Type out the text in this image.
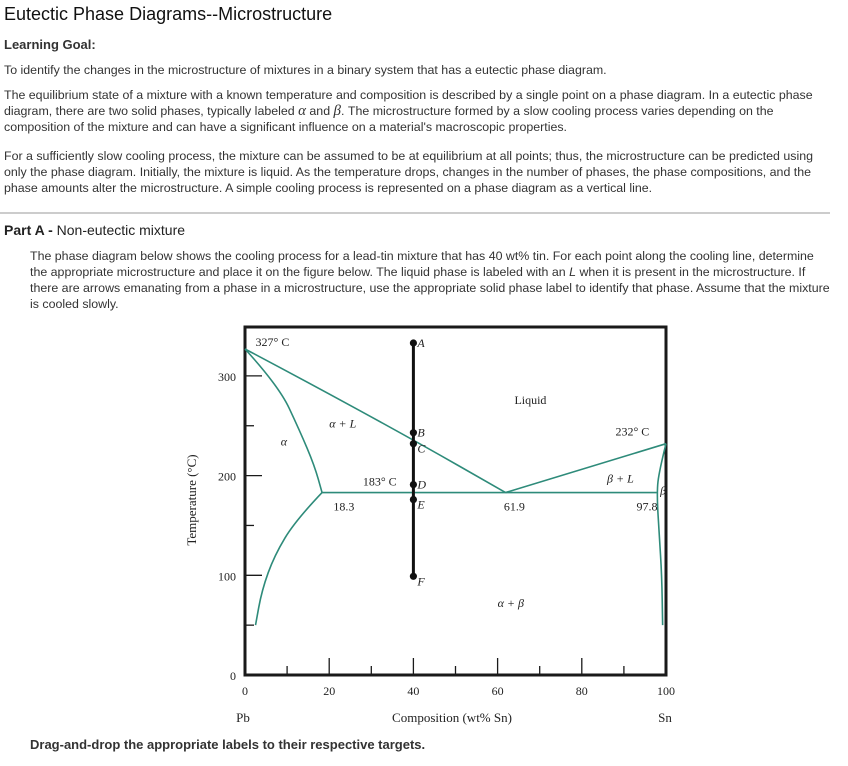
Eutectic Phase Diagrams--Microstructure
Learning Goal:
To identify the changes in the microstructure of mixtures in a binary system that has a eutectic phase diagram.
The equilibrium state of a mixture with a known temperature and composition is described by a single point on a phase diagram. In a eutectic phase diagram, there are two solid phases, typically labeled α and β. The microstructure formed by a slow cooling process varies depending on the composition of the mixture and can have a significant influence on a material's macroscopic properties.
For a sufficiently slow cooling process, the mixture can be assumed to be at equilibrium at all points; thus, the microstructure can be predicted using only the phase diagram. Initially, the mixture is liquid. As the temperature drops, changes in the number of phases, the phase compositions, and the phase amounts alter the microstructure. A simple cooling process is represented on a phase diagram as a vertical line.
Part A - Non-eutectic mixture
The phase diagram below shows the cooling process for a lead-tin mixture that has 40 wt% tin. For each point along the cooling line, determine the appropriate microstructure and place it on the figure below. The liquid phase is labeled with an L when it is present in the microstructure. If there are arrows emanating from a phase in a microstructure, use the appropriate solid phase label to identify that phase. Assume that the mixture is cooled slowly.
0
100
200
300
0	20	40	60	80	100
A
B
C
D
E
F
327° C
Liquid
α + L
α
232° C
183° C	β + L
β
18.3	61.9	97.8
α + β
Sn
Pb	Composition (wt% Sn)
Temperature (°C)
Drag-and-drop the appropriate labels to their respective targets.
